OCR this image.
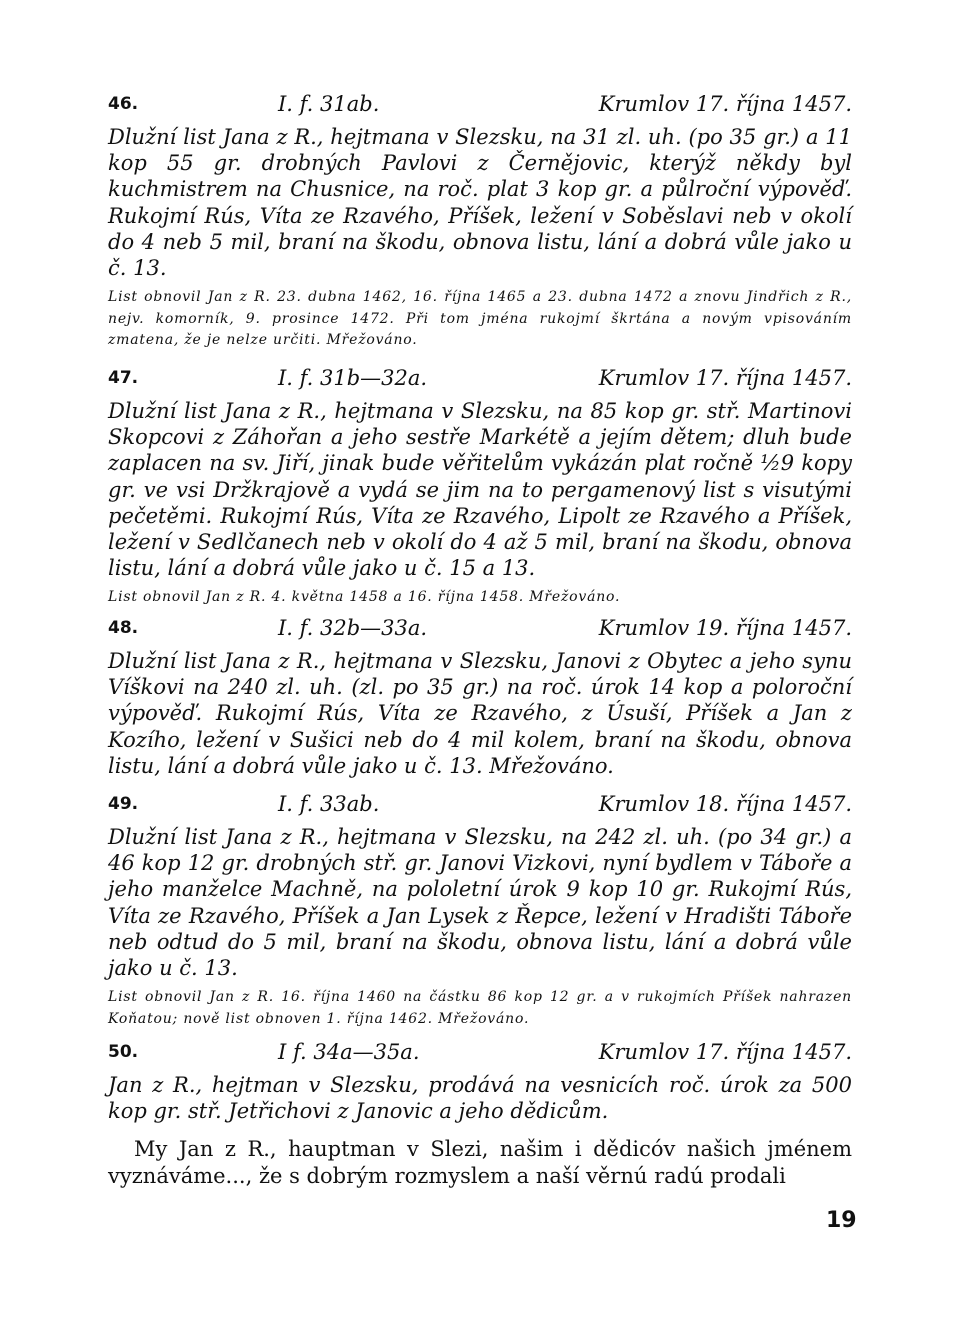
46.	I. f. 31ab.	Krumlov 17. října 1457.

Dlužní list Jana z R., hejtmana v Slezsku, na 31 zl. uh. (po 35 gr.) a 11 kop 55 gr. drobných Pavlovi z Černějovic, kterýž někdy byl kuchmistrem na Chusnice, na roč. plat 3 kop gr. a půlroční výpověď. Rukojmí Rús, Víta ze Rzavého, Příšek, ležení v Soběslavi neb v okolí do 4 neb 5 mil, braní na škodu, obnova listu, lání a dobrá vůle jako u č. 13.

List obnovil Jan z R. 23. dubna 1462, 16. října 1465 a 23. dubna 1472 a znovu Jindřich z R., nejv. komorník, 9. prosince 1472. Při tom jména rukojmí škrtána a novým vpisováním zmatena, že je nelze určiti. Mřežováno.

47.	I. f. 31b—32a.	Krumlov 17. října 1457.

Dlužní list Jana z R., hejtmana v Slezsku, na 85 kop gr. stř. Martinovi Skopcovi z Záhořan a jeho sestře Markétě a jejím dětem; dluh bude zaplacen na sv. Jiří, jinak bude věřitelům vykázán plat ročně ½9 kopy gr. ve vsi Držkrajově a vydá se jim na to pergamenový list s visutými pečetěmi. Rukojmí Rús, Víta ze Rzavého, Lipolt ze Rzavého a Příšek, ležení v Sedlčanech neb v okolí do 4 až 5 mil, braní na škodu, obnova listu, lání a dobrá vůle jako u č. 15 a 13.

List obnovil Jan z R. 4. května 1458 a 16. října 1458. Mřežováno.

48.	I. f. 32b—33a.	Krumlov 19. října 1457.

Dlužní list Jana z R., hejtmana v Slezsku, Janovi z Obytec a jeho synu Víškovi na 240 zl. uh. (zl. po 35 gr.) na roč. úrok 14 kop a poloroční výpověď. Rukojmí Rús, Víta ze Rzavého, z Úsuší, Příšek a Jan z Kozího, ležení v Sušici neb do 4 mil kolem, braní na škodu, obnova listu, lání a dobrá vůle jako u č. 13. Mřežováno.

49.	I. f. 33ab.	Krumlov 18. října 1457.

Dlužní list Jana z R., hejtmana v Slezsku, na 242 zl. uh. (po 34 gr.) a 46 kop 12 gr. drobných stř. gr. Janovi Vizkovi, nyní bydlem v Táboře a jeho manželce Machně, na pololetní úrok 9 kop 10 gr. Rukojmí Rús, Víta ze Rzavého, Příšek a Jan Lysek z Řepce, ležení v Hradišti Táboře neb odtud do 5 mil, braní na škodu, obnova listu, lání a dobrá vůle jako u č. 13.

List obnovil Jan z R. 16. října 1460 na částku 86 kop 12 gr. a v rukojmích Příšek nahrazen Koňatou; nově list obnoven 1. října 1462. Mřežováno.

50.	I f. 34a—35a.	Krumlov 17. října 1457.

Jan z R., hejtman v Slezsku, prodává na vesnicích roč. úrok za 500 kop gr. stř. Jetřichovi z Janovic a jeho dědicům.

My Jan z R., hauptman v Slezi, našim i dědicóv našich jménem vyznáváme..., že s dobrým rozmyslem a naší věrnú radú prodali

19
